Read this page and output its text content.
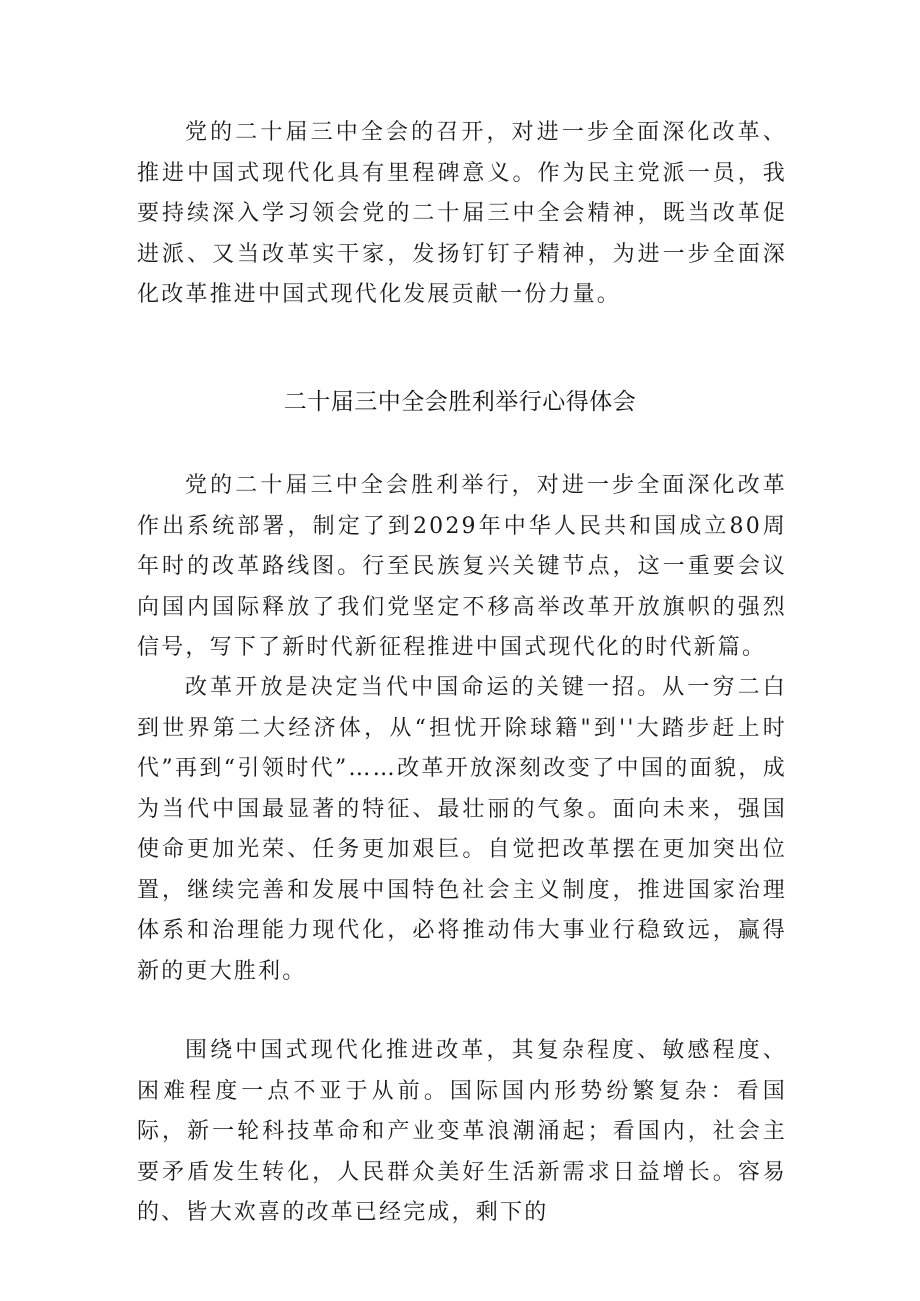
党的二十届三中全会的召开，对进一步全面深化改革、推进中国式现代化具有里程碑意义。作为民主党派一员，我要持续深入学习领会党的二十届三中全会精神，既当改革促进派、又当改革实干家，发扬钉钉子精神，为进一步全面深化改革推进中国式现代化发展贡献一份力量。

二十届三中全会胜利举行心得体会

党的二十届三中全会胜利举行，对进一步全面深化改革作出系统部署，制定了到2029年中华人民共和国成立80周年时的改革路线图。行至民族复兴关键节点，这一重要会议向国内国际释放了我们党坚定不移高举改革开放旗帜的强烈信号，写下了新时代新征程推进中国式现代化的时代新篇。

改革开放是决定当代中国命运的关键一招。从一穷二白到世界第二大经济体，从“担忧开除球籍"到''大踏步赶上时代”再到“引领时代”……改革开放深刻改变了中国的面貌，成为当代中国最显著的特征、最壮丽的气象。面向未来，强国使命更加光荣、任务更加艰巨。自觉把改革摆在更加突出位置，继续完善和发展中国特色社会主义制度，推进国家治理体系和治理能力现代化，必将推动伟大事业行稳致远，赢得新的更大胜利。

围绕中国式现代化推进改革，其复杂程度、敏感程度、困难程度一点不亚于从前。国际国内形势纷繁复杂：看国际，新一轮科技革命和产业变革浪潮涌起；看国内，社会主要矛盾发生转化，人民群众美好生活新需求日益增长。容易的、皆大欢喜的改革已经完成，剩下的
